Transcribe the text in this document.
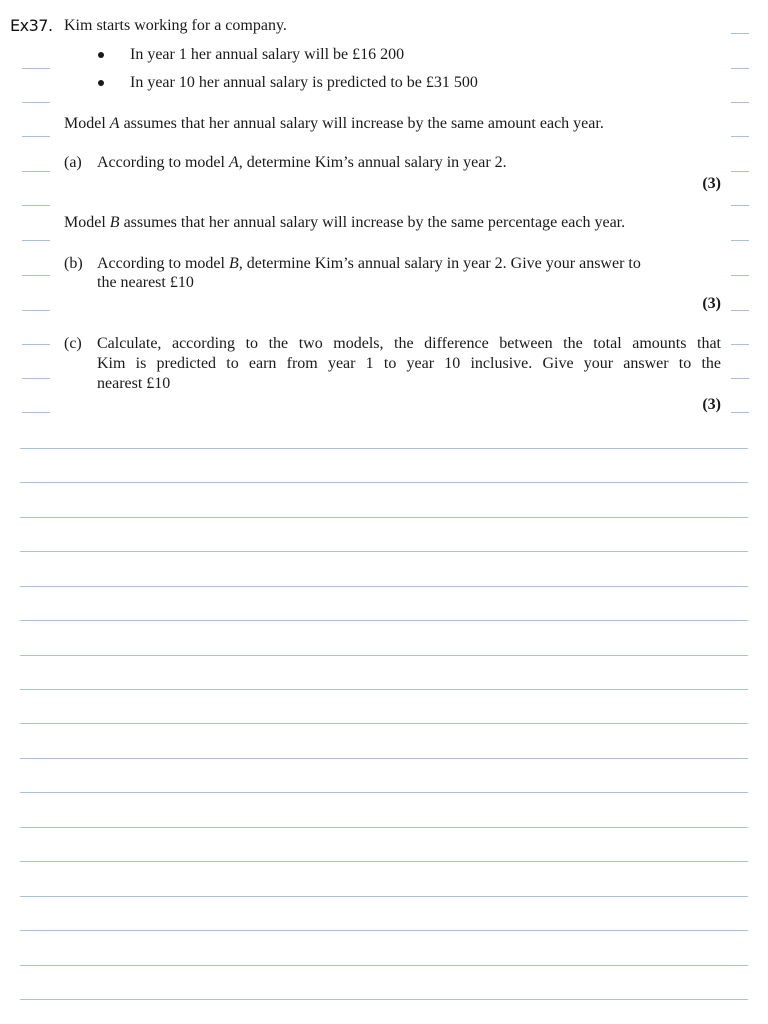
Ex37. Kim starts working for a company.
In year 1 her annual salary will be £16 200
In year 10 her annual salary is predicted to be £31 500
Model A assumes that her annual salary will increase by the same amount each year.
(a) According to model A, determine Kim’s annual salary in year 2.
(3)
Model B assumes that her annual salary will increase by the same percentage each year.
(b) According to model B, determine Kim’s annual salary in year 2. Give your answer to
the nearest £10
(3)
(c) Calculate, according to the two models, the difference between the total amounts that
Kim is predicted to earn from year 1 to year 10 inclusive. Give your answer to the
nearest £10
(3)
